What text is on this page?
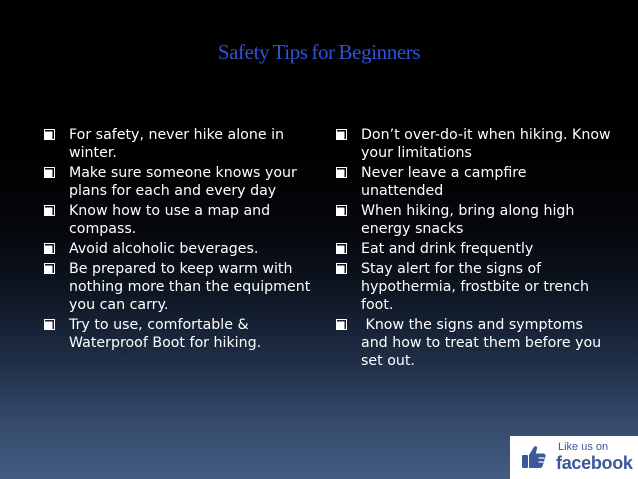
Safety Tips for Beginners
For safety, never hike alone in winter.
Make sure someone knows your plans for each and every day
Know how to use a map and compass.
Avoid alcoholic beverages.
Be prepared to keep warm with nothing more than the equipment you can carry.
Try to use, comfortable & Waterproof Boot for hiking.
Don’t over-do-it when hiking. Know your limitations
Never leave a campfire unattended
When hiking, bring along high energy snacks
Eat and drink frequently
Stay alert for the signs of hypothermia, frostbite or trench foot.
Know the signs and symptoms and how to treat them before you set out.
Like us on
facebook
